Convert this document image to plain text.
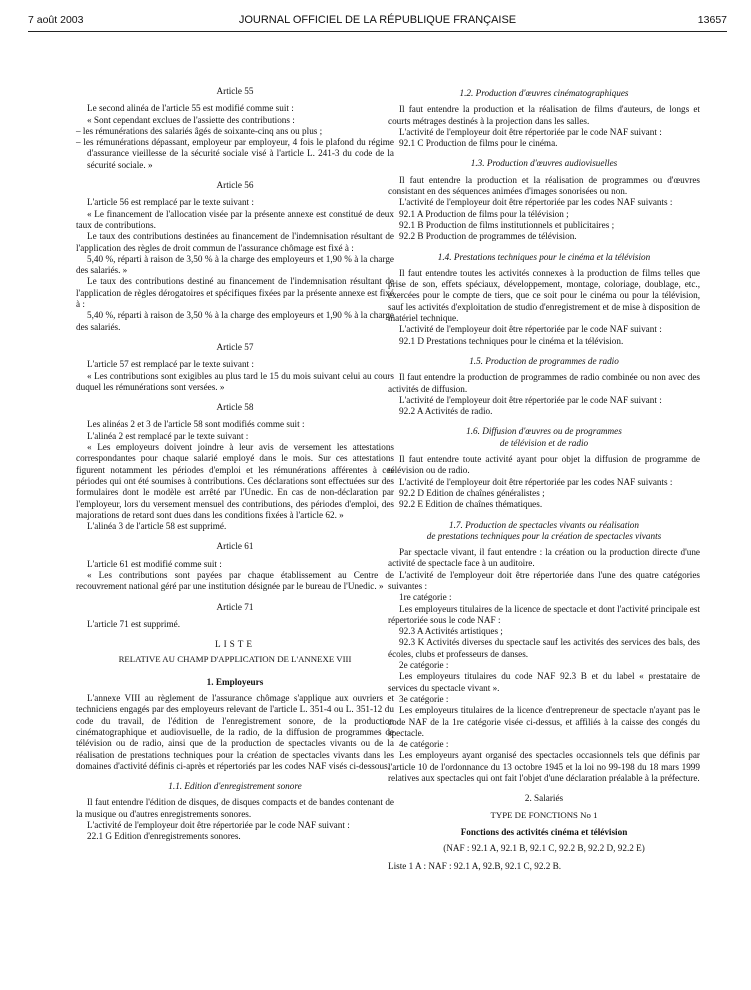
7 août 2003	JOURNAL OFFICIEL DE LA RÉPUBLIQUE FRANÇAISE	13657
Article 55

Le second alinéa de l'article 55 est modifié comme suit :

« Sont cependant exclues de l'assiette des contributions :

– les rémunérations des salariés âgés de soixante-cinq ans ou plus ;

– les rémunérations dépassant, employeur par employeur, 4 fois le plafond du régime d'assurance vieillesse de la sécurité sociale visé à l'article L. 241-3 du code de la sécurité sociale. »

Article 56

L'article 56 est remplacé par le texte suivant :

« Le financement de l'allocation visée par la présente annexe est constitué de deux taux de contributions.

Le taux des contributions destinées au financement de l'indemnisation résultant de l'application des règles de droit commun de l'assurance chômage est fixé à :

5,40 %, réparti à raison de 3,50 % à la charge des employeurs et 1,90 % à la charge des salariés. »

Le taux des contributions destiné au financement de l'indemnisation résultant de l'application de règles dérogatoires et spécifiques fixées par la présente annexe est fixé à :

5,40 %, réparti à raison de 3,50 % à la charge des employeurs et 1,90 % à la charge des salariés.

Article 57

L'article 57 est remplacé par le texte suivant :

« Les contributions sont exigibles au plus tard le 15 du mois suivant celui au cours duquel les rémunérations sont versées. »

Article 58

Les alinéas 2 et 3 de l'article 58 sont modifiés comme suit :

L'alinéa 2 est remplacé par le texte suivant :

« Les employeurs doivent joindre à leur avis de versement les attestations correspondantes pour chaque salarié employé dans le mois. Sur ces attestations figurent notamment les périodes d'emploi et les rémunérations afférentes à ces périodes qui ont été soumises à contributions. Ces déclarations sont effectuées sur des formulaires dont le modèle est arrêté par l'Unedic. En cas de non-déclaration par l'employeur, lors du versement mensuel des contributions, des périodes d'emploi, des majorations de retard sont dues dans les conditions fixées à l'article 62. »

L'alinéa 3 de l'article 58 est supprimé.

Article 61

L'article 61 est modifié comme suit :

« Les contributions sont payées par chaque établissement au Centre de recouvrement national géré par une institution désignée par le bureau de l'Unedic. »

Article 71

L'article 71 est supprimé.

LISTE
RELATIVE AU CHAMP D'APPLICATION DE L'ANNEXE VIII
1. Employeurs

L'annexe VIII au règlement de l'assurance chômage s'applique aux ouvriers et techniciens engagés par des employeurs relevant de l'article L. 351-4 ou L. 351-12 du code du travail, de l'édition de l'enregistrement sonore, de la production cinématographique et audiovisuelle, de la radio, de la diffusion de programmes de télévision ou de radio, ainsi que de la production de spectacles vivants ou de la réalisation de prestations techniques pour la création de spectacles vivants dans les domaines d'activité définis ci-après et répertoriés par les codes NAF visés ci-dessous.

1.1. Edition d'enregistrement sonore

Il faut entendre l'édition de disques, de disques compacts et de bandes contenant de la musique ou d'autres enregistrements sonores.

L'activité de l'employeur doit être répertoriée par le code NAF suivant :

22.1 G Edition d'enregistrements sonores.

1.2. Production d'œuvres cinématographiques

Il faut entendre la production et la réalisation de films d'auteurs, de longs et courts métrages destinés à la projection dans les salles.

L'activité de l'employeur doit être répertoriée par le code NAF suivant :

92.1 C Production de films pour le cinéma.

1.3. Production d'œuvres audiovisuelles

Il faut entendre la production et la réalisation de programmes ou d'œuvres consistant en des séquences animées d'images sonorisées ou non.

L'activité de l'employeur doit être répertoriée par les codes NAF suivants :

92.1 A Production de films pour la télévision ;

92.1 B Production de films institutionnels et publicitaires ;

92.2 B Production de programmes de télévision.

1.4. Prestations techniques pour le cinéma et la télévision

Il faut entendre toutes les activités connexes à la production de films telles que prise de son, effets spéciaux, développement, montage, coloriage, doublage, etc., exercées pour le compte de tiers, que ce soit pour le cinéma ou pour la télévision, sauf les activités d'exploitation de studio d'enregistrement et de mise à disposition de matériel technique.

L'activité de l'employeur doit être répertoriée par le code NAF suivant :

92.1 D Prestations techniques pour le cinéma et la télévision.

1.5. Production de programmes de radio

Il faut entendre la production de programmes de radio combinée ou non avec des activités de diffusion.

L'activité de l'employeur doit être répertoriée par le code NAF suivant :

92.2 A Activités de radio.

1.6. Diffusion d'œuvres ou de programmes
de télévision et de radio

Il faut entendre toute activité ayant pour objet la diffusion de programme de télévision ou de radio.

L'activité de l'employeur doit être répertoriée par les codes NAF suivants :

92.2 D Edition de chaînes généralistes ;

92.2 E Edition de chaînes thématiques.

1.7. Production de spectacles vivants ou réalisation
de prestations techniques pour la création de spectacles vivants

Par spectacle vivant, il faut entendre : la création ou la production directe d'une activité de spectacle face à un auditoire.

L'activité de l'employeur doit être répertoriée dans l'une des quatre catégories suivantes :

1re catégorie :

Les employeurs titulaires de la licence de spectacle et dont l'activité principale est répertoriée sous le code NAF :

92.3 A Activités artistiques ;

92.3 K Activités diverses du spectacle sauf les activités des services des bals, des écoles, clubs et professeurs de danses.

2e catégorie :

Les employeurs titulaires du code NAF 92.3 B et du label « prestataire de services du spectacle vivant ».

3e catégorie :

Les employeurs titulaires de la licence d'entrepreneur de spectacle n'ayant pas le code NAF de la 1re catégorie visée ci-dessus, et affiliés à la caisse des congés du spectacle.

4e catégorie :

Les employeurs ayant organisé des spectacles occasionnels tels que définis par l'article 10 de l'ordonnance du 13 octobre 1945 et la loi no 99-198 du 18 mars 1999 relatives aux spectacles qui ont fait l'objet d'une déclaration préalable à la préfecture.

2. Salariés
TYPE DE FONCTIONS No 1
Fonctions des activités cinéma et télévision
(NAF : 92.1 A, 92.1 B, 92.1 C, 92.2 B, 92.2 D, 92.2 E)

Liste 1 A : NAF : 92.1 A, 92.B, 92.1 C, 92.2 B.
